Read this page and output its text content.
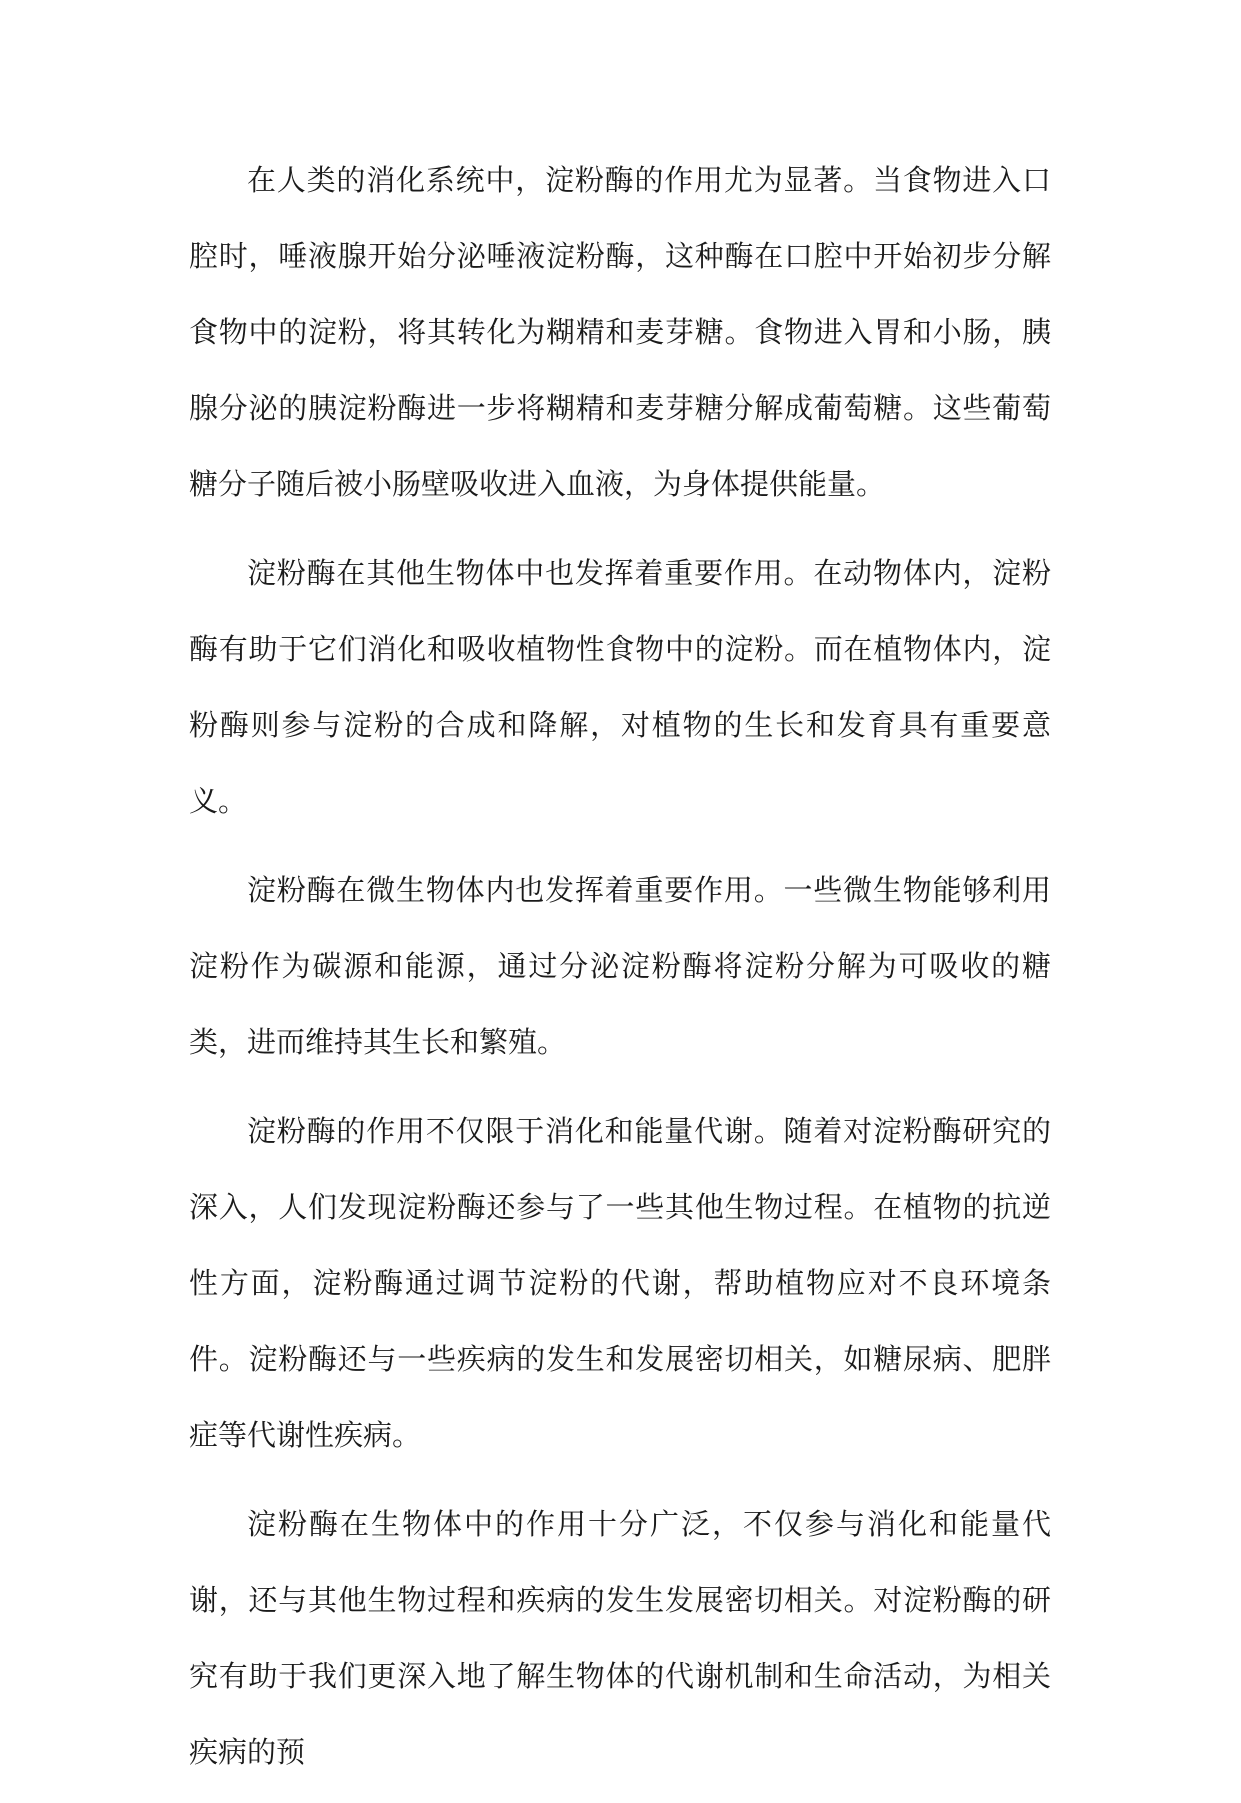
在人类的消化系统中，淀粉酶的作用尤为显著。当食物进入口腔时，唾液腺开始分泌唾液淀粉酶，这种酶在口腔中开始初步分解食物中的淀粉，将其转化为糊精和麦芽糖。食物进入胃和小肠，胰腺分泌的胰淀粉酶进一步将糊精和麦芽糖分解成葡萄糖。这些葡萄糖分子随后被小肠壁吸收进入血液，为身体提供能量。

淀粉酶在其他生物体中也发挥着重要作用。在动物体内，淀粉酶有助于它们消化和吸收植物性食物中的淀粉。而在植物体内，淀粉酶则参与淀粉的合成和降解，对植物的生长和发育具有重要意义。

淀粉酶在微生物体内也发挥着重要作用。一些微生物能够利用淀粉作为碳源和能源，通过分泌淀粉酶将淀粉分解为可吸收的糖类，进而维持其生长和繁殖。

淀粉酶的作用不仅限于消化和能量代谢。随着对淀粉酶研究的深入，人们发现淀粉酶还参与了一些其他生物过程。在植物的抗逆性方面，淀粉酶通过调节淀粉的代谢，帮助植物应对不良环境条件。淀粉酶还与一些疾病的发生和发展密切相关，如糖尿病、肥胖症等代谢性疾病。

淀粉酶在生物体中的作用十分广泛，不仅参与消化和能量代谢，还与其他生物过程和疾病的发生发展密切相关。对淀粉酶的研究有助于我们更深入地了解生物体的代谢机制和生命活动，为相关疾病的预
